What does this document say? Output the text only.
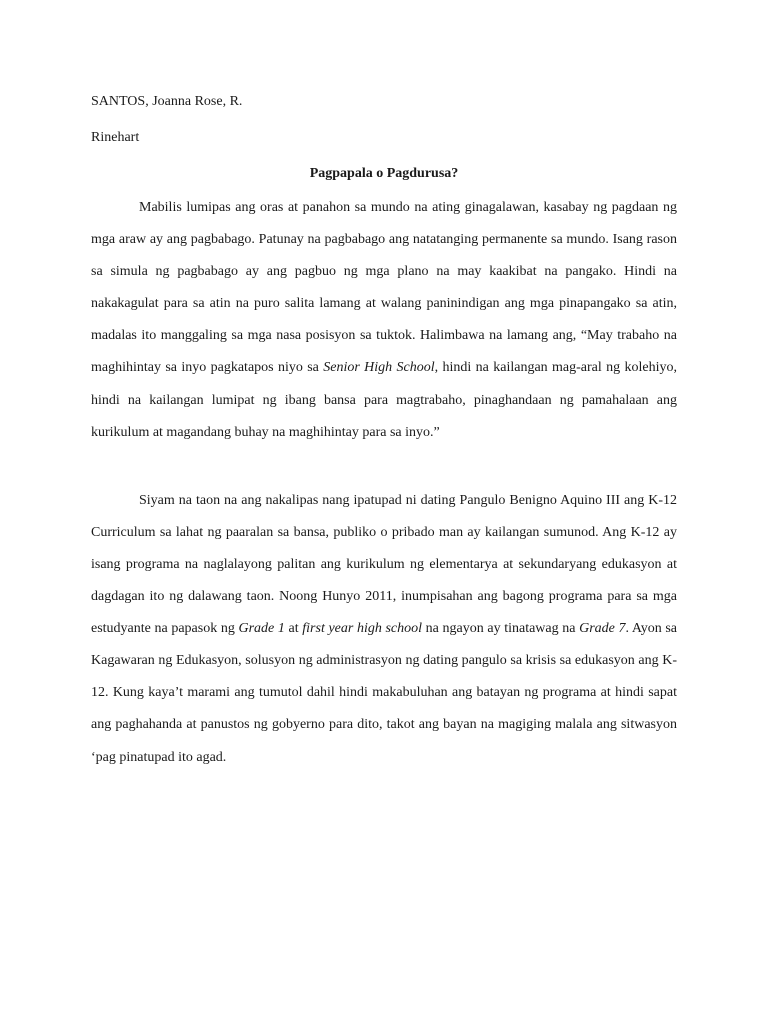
SANTOS, Joanna Rose, R.

Rinehart

Pagpapala o Pagdurusa?

Mabilis lumipas ang oras at panahon sa mundo na ating ginagalawan, kasabay ng pagdaan ng mga araw ay ang pagbabago. Patunay na pagbabago ang natatanging permanente sa mundo. Isang rason sa simula ng pagbabago ay ang pagbuo ng mga plano na may kaakibat na pangako. Hindi na nakakagulat para sa atin na puro salita lamang at walang paninindigan ang mga pinapangako sa atin, madalas ito manggaling sa mga nasa posisyon sa tuktok. Halimbawa na lamang ang, “May trabaho na maghihintay sa inyo pagkatapos niyo sa Senior High School, hindi na kailangan mag-aral ng kolehiyo, hindi na kailangan lumipat ng ibang bansa para magtrabaho, pinaghandaan ng pamahalaan ang kurikulum at magandang buhay na maghihintay para sa inyo.”

Siyam na taon na ang nakalipas nang ipatupad ni dating Pangulo Benigno Aquino III ang K-12 Curriculum sa lahat ng paaralan sa bansa, publiko o pribado man ay kailangan sumunod. Ang K-12 ay isang programa na naglalayong palitan ang kurikulum ng elementarya at sekundaryang edukasyon at dagdagan ito ng dalawang taon. Noong Hunyo 2011, inumpisahan ang bagong programa para sa mga estudyante na papasok ng Grade 1 at first year high school na ngayon ay tinatawag na Grade 7. Ayon sa Kagawaran ng Edukasyon, solusyon ng administrasyon ng dating pangulo sa krisis sa edukasyon ang K-12. Kung kaya’t marami ang tumutol dahil hindi makabuluhan ang batayan ng programa at hindi sapat ang paghahanda at panustos ng gobyerno para dito, takot ang bayan na magiging malala ang sitwasyon ‘pag pinatupad ito agad.
